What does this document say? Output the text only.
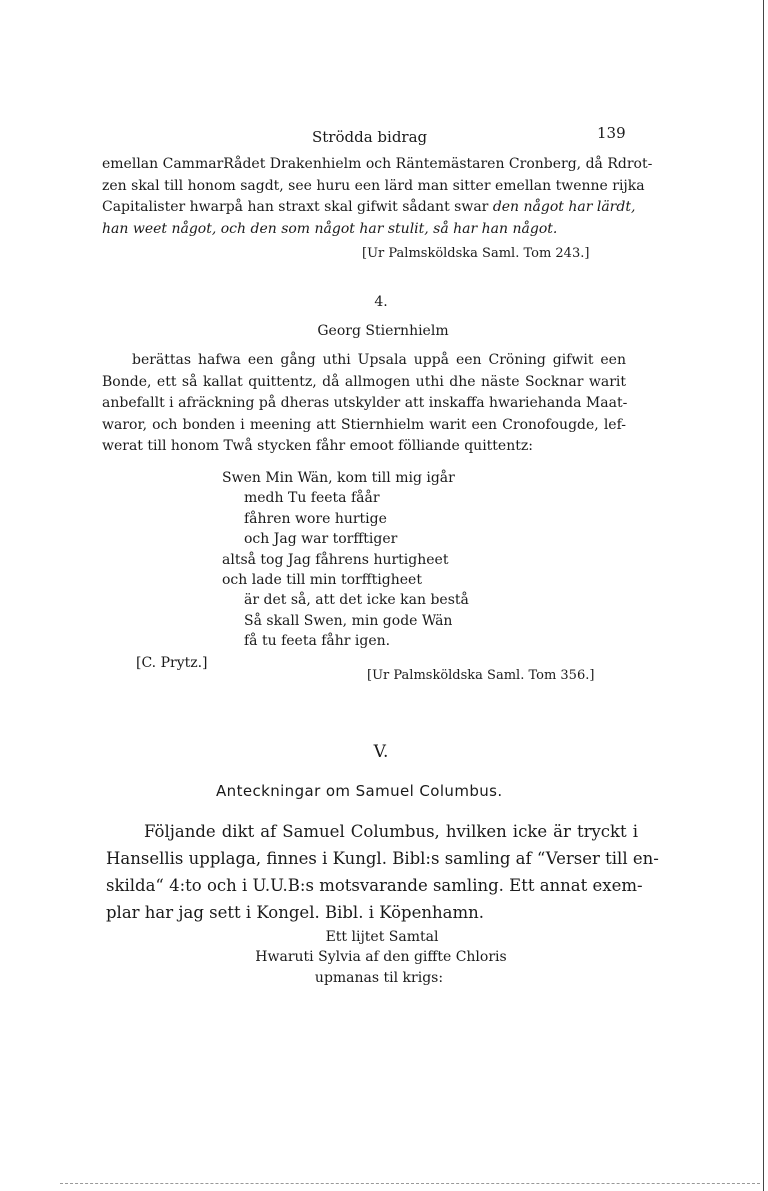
Strödda bidrag	139
emellan CammarRådet Drakenhielm och Räntemästaren Cronberg, då Rdrot-
zen skal till honom sagdt, see huru een lärd man sitter emellan twenne rijka
Capitalister hwarpå han straxt skal gifwit sådant swar den något har lärdt,
han weet något, och den som något har stulit, så har han något.
[Ur Palmsköldska Saml. Tom 243.]
4.
Georg Stiernhielm
berättas hafwa een gång uthi Upsala uppå een Cröning gifwit een
Bonde, ett så kallat quittentz, då allmogen uthi dhe näste Socknar warit
anbefallt i afräckning på dheras utskylder att inskaffa hwariehanda Maat-
waror, och bonden i meening att Stiernhielm warit een Cronofougde, lef-
werat till honom Twå stycken fåhr emoot fölliande quittentz:
Swen Min Wän, kom till mig igår
medh Tu feeta fåår
fåhren wore hurtige
och Jag war torfftiger
altså tog Jag fåhrens hurtigheet
och lade till min torfftigheet
är det så, att det icke kan bestå
Så skall Swen, min gode Wän
få tu feeta fåhr igen.
[C. Prytz.]
[Ur Palmsköldska Saml. Tom 356.]
V.
Anteckningar om Samuel Columbus.
Följande dikt af Samuel Columbus, hvilken icke är tryckt i
Hansellis upplaga, finnes i Kungl. Bibl:s samling af “Verser till en-
skilda“ 4:to och i U.U.B:s motsvarande samling. Ett annat exem-
plar har jag sett i Kongel. Bibl. i Köpenhamn.
Ett lijtet Samtal
Hwaruti Sylvia af den giffte Chloris
upmanas til krigs:
